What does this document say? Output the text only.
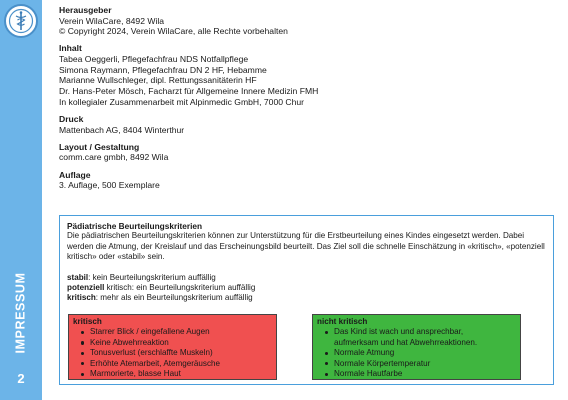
IMPRESSUM
2
Herausgeber

Verein WilaCare, 8492 Wila

© Copyright 2024, Verein WilaCare, alle Rechte vorbehalten

Inhalt

Tabea Oeggerli, Pflegefachfrau NDS Notfallpflege

Simona Raymann, Pflegefachfrau DN 2 HF, Hebamme

Marianne Wullschleger, dipl. Rettungssanitäterin HF

Dr. Hans-Peter Mösch, Facharzt für Allgemeine Innere Medizin FMH

In kollegialer Zusammenarbeit mit Alpinmedic GmbH, 7000 Chur

Druck

Mattenbach AG, 8404 Winterthur

Layout / Gestaltung

comm.care gmbh, 8492 Wila

Auflage

3. Auflage, 500 Exemplare

Pädiatrische Beurteilungskriterien

Die pädiatrischen Beurteilungskriterien können zur Unterstützung für die Erstbeurteilung eines Kindes eingesetzt werden. Dabei werden die Atmung, der Kreislauf und das Erscheinungsbild beurteilt. Das Ziel soll die schnelle Einschätzung in «kritisch», «potenziell kritisch» oder «stabil» sein.

stabil: kein Beurteilungskriterium auffällig
potenziell kritisch: ein Beurteilungskriterium auffällig
kritisch: mehr als ein Beurteilungskriterium auffällig
kritisch
Starrer Blick / eingefallene Augen
Keine Abwehrreaktion
Tonusverlust (erschlaffte Muskeln)
Erhöhte Atemarbeit, Atemgeräusche
Marmorierte, blasse Haut
nicht kritisch
Das Kind ist wach und ansprechbar,
aufmerksam und hat Abwehrreaktionen.
Normale Atmung
Normale Körpertemperatur
Normale Hautfarbe
